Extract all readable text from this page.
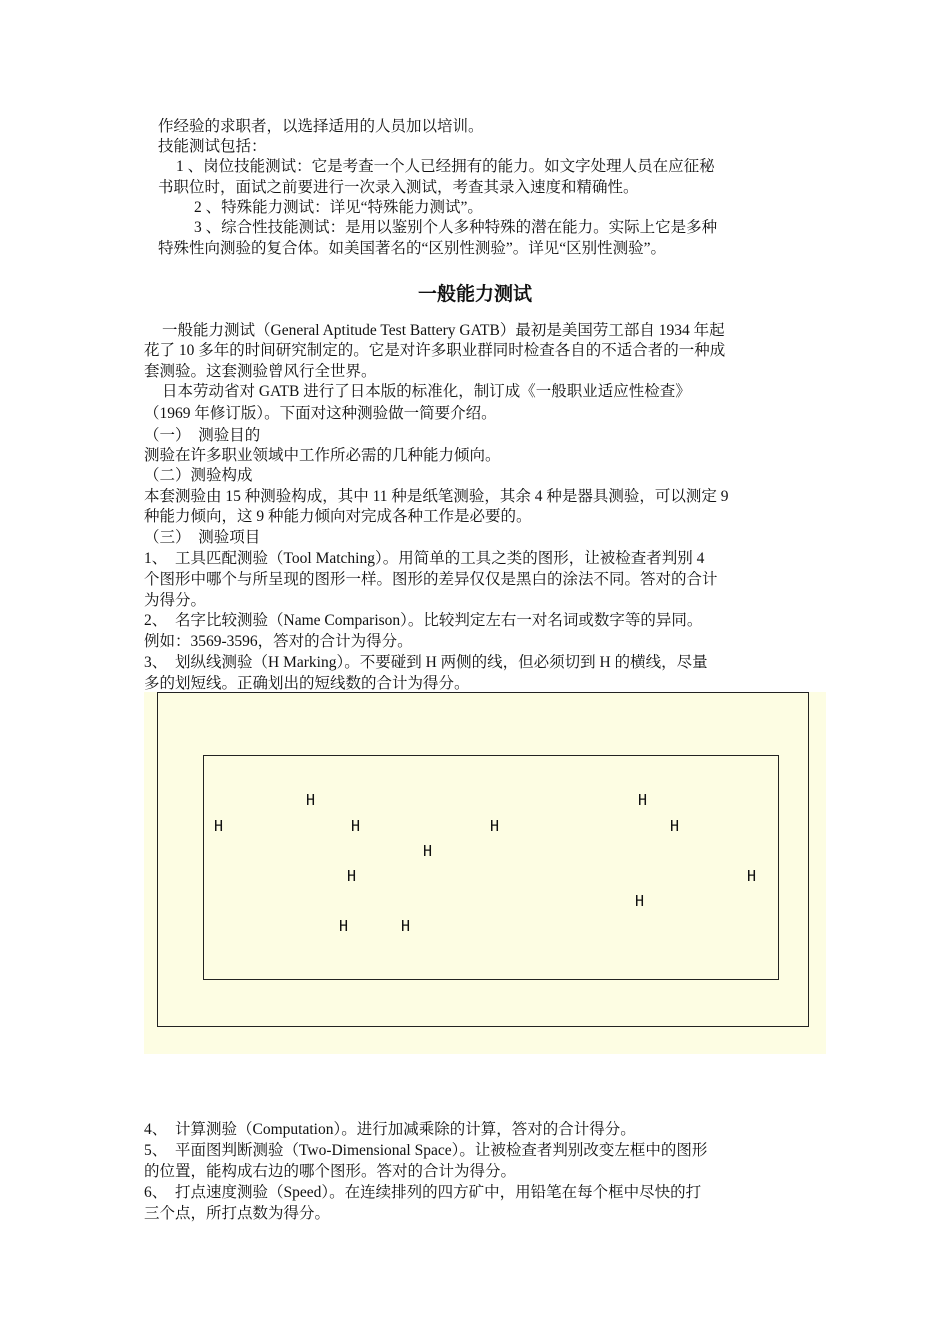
作经验的求职者，以选择适用的人员加以培训。
技能测试包括：
1 、岗位技能测试：它是考查一个人已经拥有的能力。如文字处理人员在应征秘
书职位时，面试之前要进行一次录入测试，考查其录入速度和精确性。
2 、特殊能力测试：详见“特殊能力测试”。
3 、综合性技能测试：是用以鉴别个人多种特殊的潜在能力。实际上它是多种
特殊性向测验的复合体。如美国著名的“区别性测验”。详见“区别性测验”。
一般能力测试
一般能力测试（General Aptitude Test Battery GATB）最初是美国劳工部自 1934 年起
花了 10 多年的时间研究制定的。它是对许多职业群同时检查各自的不适合者的一种成
套测验。这套测验曾风行全世界。
日本劳动省对 GATB 进行了日本版的标准化，制订成《一般职业适应性检查》
（1969 年修订版）。下面对这种测验做一简要介绍。
（一）　测验目的
测验在许多职业领域中工作所必需的几种能力倾向。
（二）测验构成
本套测验由 15 种测验构成，其中 11 种是纸笔测验，其余 4 种是器具测验，可以测定 9
种能力倾向，这 9 种能力倾向对完成各种工作是必要的。
（三）　测验项目
1、　工具匹配测验（Tool Matching）。用简单的工具之类的图形，让被检查者判别 4
个图形中哪个与所呈现的图形一样。图形的差异仅仅是黑白的涂法不同。答对的合计
为得分。
2、　名字比较测验（Name Comparison）。比较判定左右一对名词或数字等的异同。
例如：3569-3596，答对的合计为得分。
3、　划纵线测验（H Marking）。不要碰到 H 两侧的线，但必须切到 H 的横线，尽量
多的划短线。正确划出的短线数的合计为得分。
H	H
H	H	H	H
H
H	H
H
H	H
4、　计算测验（Computation）。进行加减乘除的计算，答对的合计得分。
5、　平面图判断测验（Two-Dimensional Space）。让被检查者判别改变左框中的图形
的位置，能构成右边的哪个图形。答对的合计为得分。
6、　打点速度测验（Speed）。在连续排列的四方矿中，用铅笔在每个框中尽快的打
三个点，所打点数为得分。
